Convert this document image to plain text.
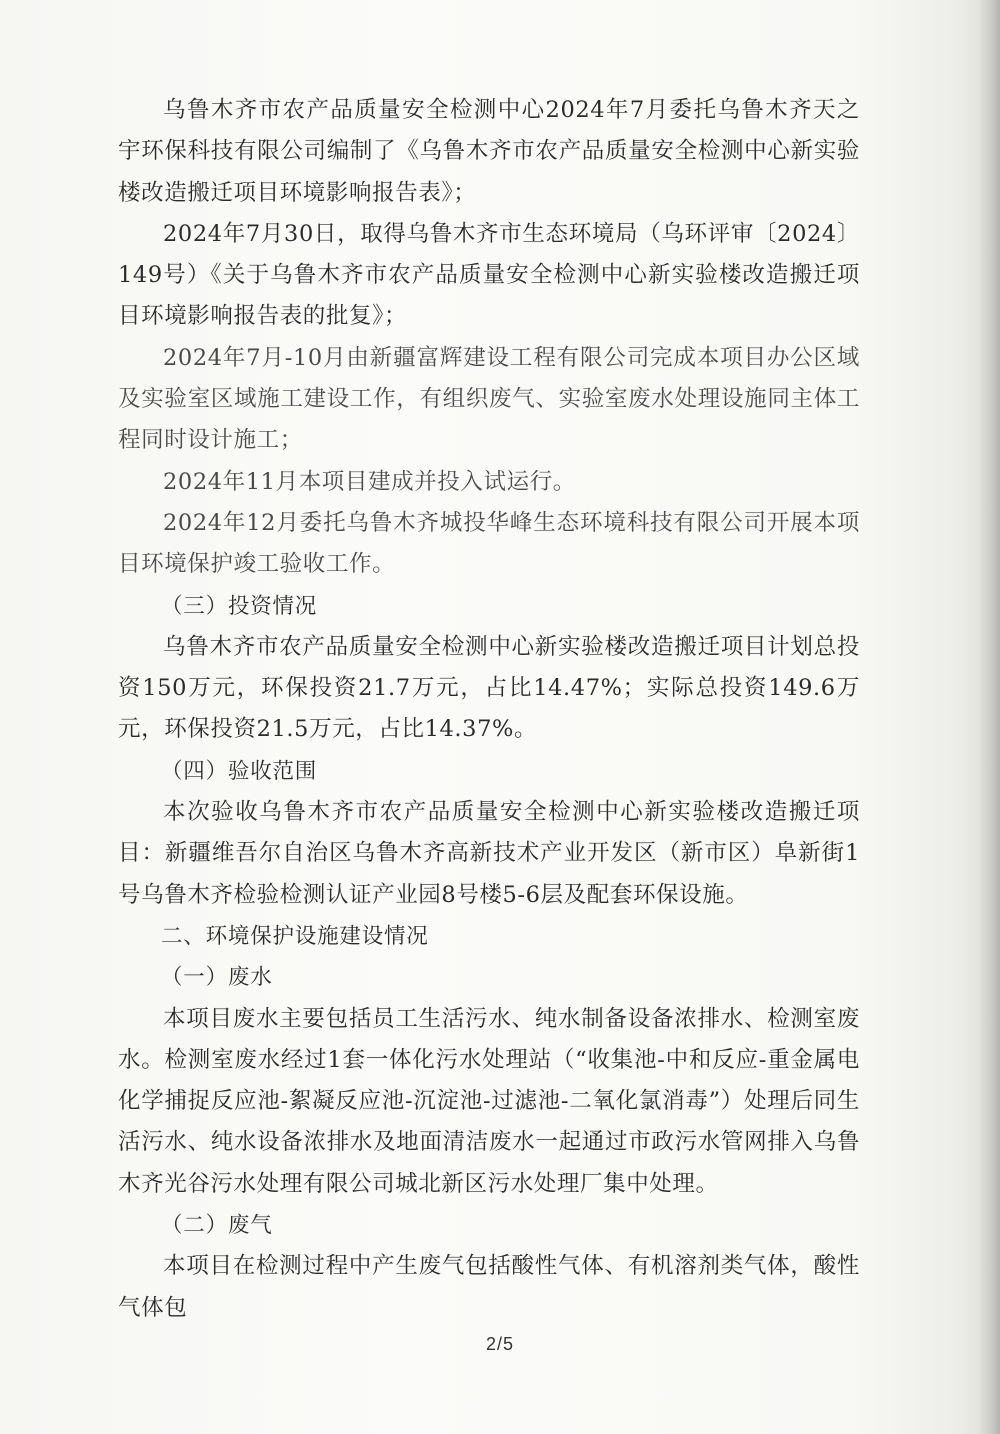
乌鲁木齐市农产品质量安全检测中心2024年7月委托乌鲁木齐天之宇环保科技有限公司编制了《乌鲁木齐市农产品质量安全检测中心新实验楼改造搬迁项目环境影响报告表》；

2024年7月30日，取得乌鲁木齐市生态环境局（乌环评审〔2024〕149号）《关于乌鲁木齐市农产品质量安全检测中心新实验楼改造搬迁项目环境影响报告表的批复》；

2024年7月-10月由新疆富辉建设工程有限公司完成本项目办公区域及实验室区域施工建设工作，有组织废气、实验室废水处理设施同主体工程同时设计施工；

2024年11月本项目建成并投入试运行。

2024年12月委托乌鲁木齐城投华峰生态环境科技有限公司开展本项目环境保护竣工验收工作。

（三）投资情况

乌鲁木齐市农产品质量安全检测中心新实验楼改造搬迁项目计划总投资150万元，环保投资21.7万元，占比14.47%；实际总投资149.6万元，环保投资21.5万元，占比14.37%。

（四）验收范围

本次验收乌鲁木齐市农产品质量安全检测中心新实验楼改造搬迁项目：新疆维吾尔自治区乌鲁木齐高新技术产业开发区（新市区）阜新街1号乌鲁木齐检验检测认证产业园8号楼5-6层及配套环保设施。

二、环境保护设施建设情况

（一）废水

本项目废水主要包括员工生活污水、纯水制备设备浓排水、检测室废水。检测室废水经过1套一体化污水处理站（“收集池-中和反应-重金属电化学捕捉反应池-絮凝反应池-沉淀池-过滤池-二氧化氯消毒”）处理后同生活污水、纯水设备浓排水及地面清洁废水一起通过市政污水管网排入乌鲁木齐光谷污水处理有限公司城北新区污水处理厂集中处理。

（二）废气

本项目在检测过程中产生废气包括酸性气体、有机溶剂类气体，酸性气体包

2/5
